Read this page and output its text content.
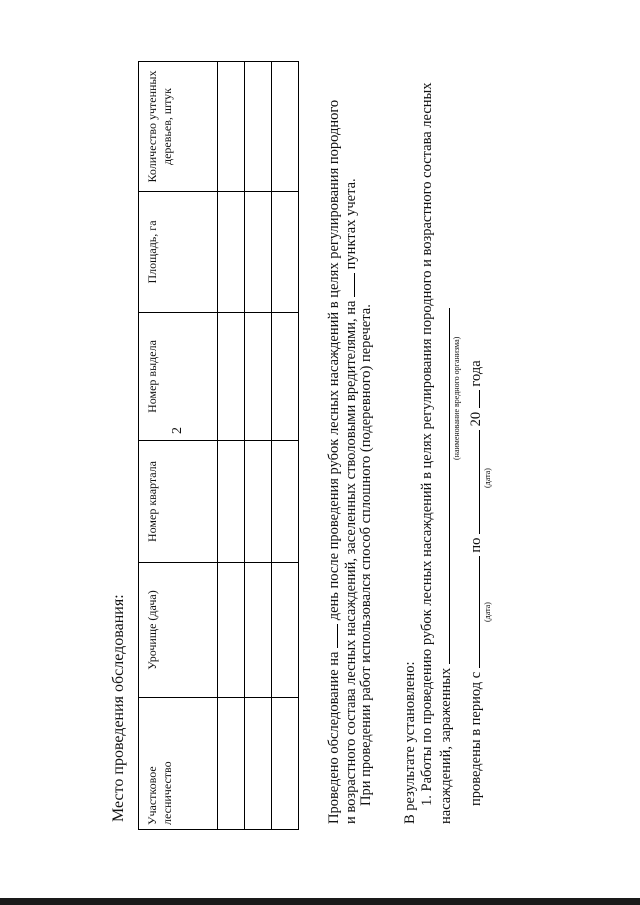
2
Место проведения обследования: Участковое лесничество	Урочище (дача)	Номер квартала	Номер выдела	Площадь, га	Количество учтенных деревьев, штук

Проведено обследование на  день после проведения рубок лесных насаждений в целях регулирования породного и возрастного состава лесных насаждений, заселенных стволовыми вредителями, на  пунктах учета.
При проведении работ использовался способ сплошного (подеревного) перечета. В результате установлено: 1. Работы по проведению рубок лесных насаждений в целях регулирования породного и возрастного состава лесных насаждений, зараженных
(наименование вредного организма)
проведены в период с  по  20  года
(дата)
(дата)
